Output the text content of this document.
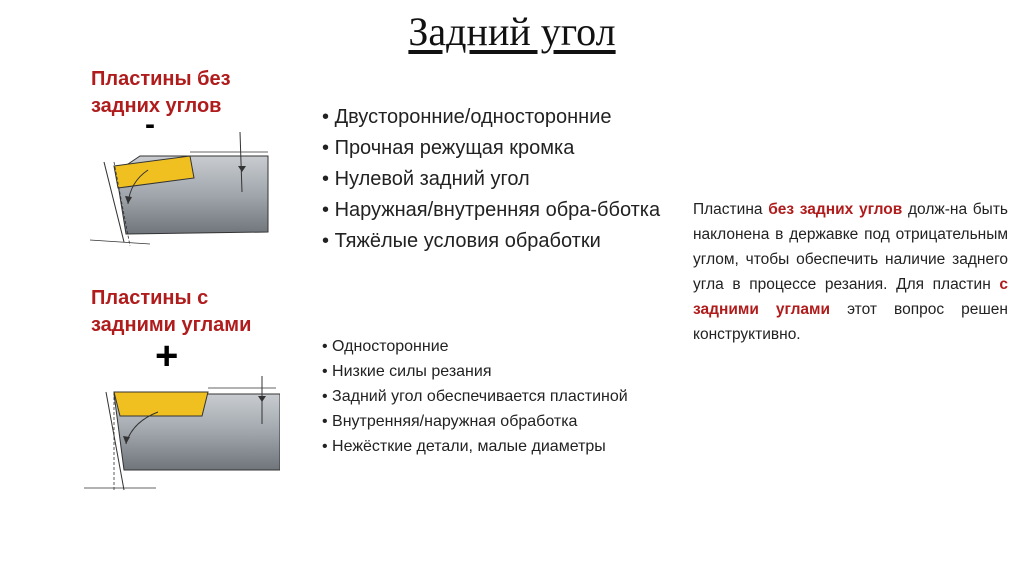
Задний угол
Пластины без
задних углов
-	• Двусторонние/односторонние
• Прочная режущая кромка
• Нулевой задний угол
• Наружная/внутренняя обра-бботка
• Тяжёлые условия обработки
Пластины с
задними углами
+	• Односторонние
• Низкие силы резания
• Задний угол обеспечивается пластиной
• Внутренняя/наружная обработка
• Нежёсткие детали, малые диаметры
Пластина без задних углов долж-на быть наклонена в державке под отрицательным углом, чтобы обеспечить наличие заднего угла в процессе резания. Для пластин с задними углами этот вопрос решен конструктивно.
